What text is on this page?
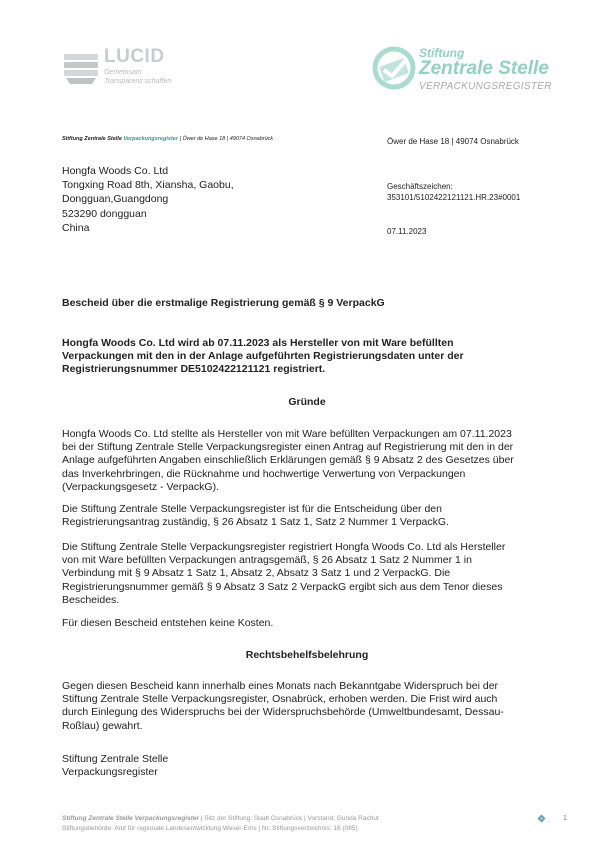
LUCID
Gemeinsam
Transparenz schaffen
Stiftung
Zentrale Stelle
VERPACKUNGSREGISTER
Stiftung Zentrale Stelle Verpackungsregister | Öwer de Hase 18 | 49074 Osnabrück	Öwer de Hase 18 | 49074 Osnabrück
Hongfa Woods Co. Ltd
Tongxing Road 8th, Xiansha, Gaobu,
Dongguan,Guangdong
523290 dongguan
China
Geschäftszeichen:
353101/5102422121121.HR.23#0001
07.11.2023
Bescheid über die erstmalige Registrierung gemäß § 9 VerpackG
Hongfa Woods Co. Ltd wird ab 07.11.2023 als Hersteller von mit Ware befüllten
Verpackungen mit den in der Anlage aufgeführten Registrierungsdaten unter der
Registrierungsnummer DE5102422121121 registriert.
Gründe
Hongfa Woods Co. Ltd stellte als Hersteller von mit Ware befüllten Verpackungen am 07.11.2023
bei der Stiftung Zentrale Stelle Verpackungsregister einen Antrag auf Registrierung mit den in der
Anlage aufgeführten Angaben einschließlich Erklärungen gemäß § 9 Absatz 2 des Gesetzes über
das Inverkehrbringen, die Rücknahme und hochwertige Verwertung von Verpackungen
(Verpackungsgesetz - VerpackG).
Die Stiftung Zentrale Stelle Verpackungsregister ist für die Entscheidung über den
Registrierungsantrag zuständig, § 26 Absatz 1 Satz 1, Satz 2 Nummer 1 VerpackG.
Die Stiftung Zentrale Stelle Verpackungsregister registriert Hongfa Woods Co. Ltd als Hersteller
von mit Ware befüllten Verpackungen antragsgemäß, § 26 Absatz 1 Satz 2 Nummer 1 in
Verbindung mit § 9 Absatz 1 Satz 1, Absatz 2, Absatz 3 Satz 1 und 2 VerpackG. Die
Registrierungsnummer gemäß § 9 Absatz 3 Satz 2 VerpackG ergibt sich aus dem Tenor dieses
Bescheides.
Für diesen Bescheid entstehen keine Kosten.
Rechtsbehelfsbelehrung
Gegen diesen Bescheid kann innerhalb eines Monats nach Bekanntgabe Widerspruch bei der
Stiftung Zentrale Stelle Verpackungsregister, Osnabrück, erhoben werden. Die Frist wird auch
durch Einlegung des Widerspruchs bei der Widerspruchsbehörde (Umweltbundesamt, Dessau-
Roßlau) gewahrt.
Stiftung Zentrale Stelle
Verpackungsregister
Stiftung Zentrale Stelle Verpackungsregister | Sitz der Stiftung: Stadt Osnabrück | Vorstand: Gunda Rachut
Stiftungsbehörde: Amt für regionale Landesentwicklung Weser-Ems | Nr. Stiftungsverzeichnis: 16 (085)
1
